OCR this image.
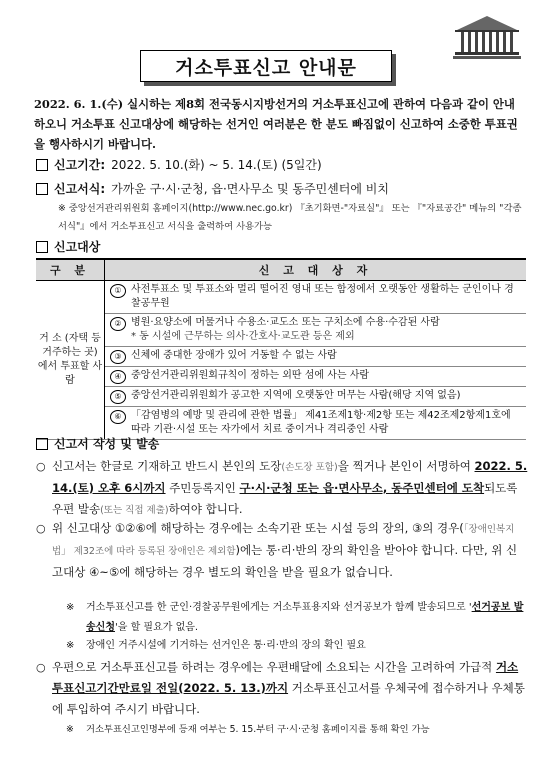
거소투표신고 안내문
2022. 6. 1.(수) 실시하는 제8회 전국동시지방선거의 거소투표신고에 관하여 다음과 같이 안내하오니 거소투표 신고대상에 해당하는 선거인 여러분은 한 분도 빠짐없이 신고하여 소중한 투표권을 행사하시기 바랍니다.
신고기간: 2022. 5. 10.(화) ~ 5. 14.(토) (5일간)
신고서식: 가까운 구·시·군청, 읍·면사무소 및 동주민센터에 비치
※ 중앙선거관리위원회 홈페이지(http://www.nec.go.kr) 『초기화면-"자료실"』 또는 『"자료공간" 메뉴의 "각종서식"』에서 거소투표신고 서식을 출력하여 사용가능
신고대상
구 분	신 고 대 상 자
거 소 (자택 등 거주하는 곳) 에서 투표할 사람	① 사전투표소 및 투표소와 멀리 떨어진 영내 또는 함정에서 오랫동안 생활하는 군인이나 경찰공무원

	② 병원·요양소에 머물거나 수용소·교도소 또는 구치소에 수용·수감된 사람
* 동 시설에 근무하는 의사·간호사·교도관 등은 제외

	③ 신체에 중대한 장애가 있어 거동할 수 없는 사람

	④ 중앙선거관리위원회규칙이 정하는 외딴 섬에 사는 사람

	⑤ 중앙선거관리위원회가 공고한 지역에 오랫동안 머무는 사람(해당 지역 없음)

	⑥ 「감염병의 예방 및 관리에 관한 법률」 제41조제1항·제2항 또는 제42조제2항제1호에 따라 기관·시설 또는 자가에서 치료 중이거나 격리중인 사람
신고서 작성 및 발송
○ 신고서는 한글로 기재하고 반드시 본인의 도장(손도장 포함)을 찍거나 본인이 서명하여 2022. 5. 14.(토) 오후 6시까지 주민등록지인 구·시·군청 또는 읍·면사무소, 동주민센터에 도착되도록 우편 발송(또는 직접 제출)하여야 합니다.
○ 위 신고대상 ①②⑥에 해당하는 경우에는 소속기관 또는 시설 등의 장의, ③의 경우(「장애인복지법」 제32조에 따라 등록된 장애인은 제외함)에는 통·리·반의 장의 확인을 받아야 합니다. 다만, 위 신고대상 ④~⑤에 해당하는 경우 별도의 확인을 받을 필요가 없습니다.
※	거소투표신고를 한 군인·경찰공무원에게는 거소투표용지와 선거공보가 함께 발송되므로 '선거공보 발송신청'을 할 필요가 없음.
※	장애인 거주시설에 기거하는 선거인은 통·리·반의 장의 확인 필요
○ 우편으로 거소투표신고를 하려는 경우에는 우편배달에 소요되는 시간을 고려하여 가급적 거소투표신고기간만료일 전일(2022. 5. 13.)까지 거소투표신고서를 우체국에 접수하거나 우체통에 투입하여 주시기 바랍니다.
※	거소투표신고인명부에 등재 여부는 5. 15.부터 구·시·군청 홈페이지를 통해 확인 가능
